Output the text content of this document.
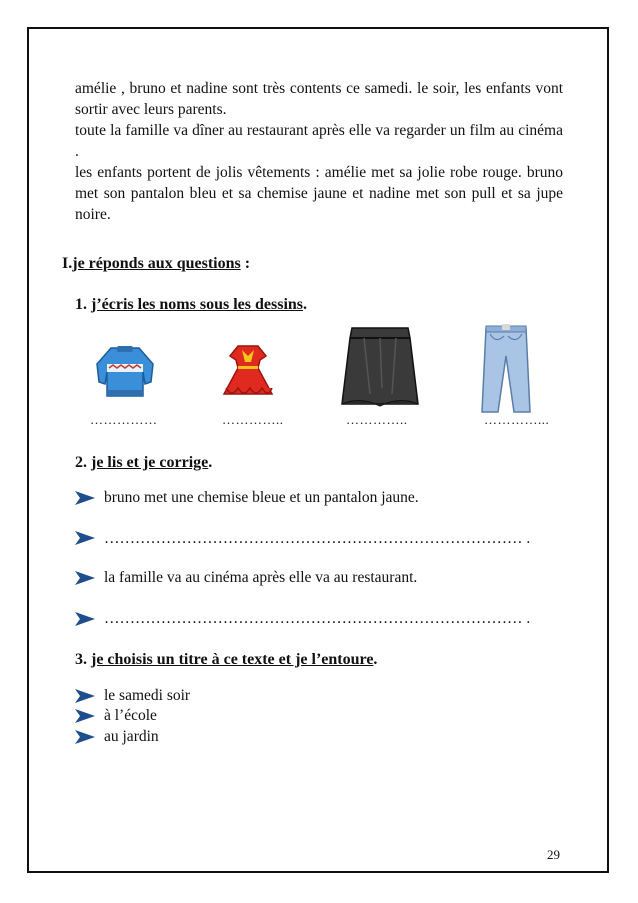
amélie , bruno et nadine sont très contents ce samedi. le soir, les enfants vont sortir avec leurs parents.

toute la famille va dîner au restaurant après elle va regarder un film au cinéma .

les enfants portent de jolis vêtements : amélie met sa jolie robe rouge. bruno met son pantalon bleu et sa chemise jaune et nadine met son pull et sa jupe noire.

I.je réponds aux questions :
1. j’écris les noms sous les dessins.
……………	…………..	…………..	…………...
2. je lis et je corrige.
bruno met une chemise bleue et un pantalon jaune.
……………………………………………………………………… .
la famille va au cinéma après elle va au restaurant.
……………………………………………………………………… .
3. je choisis un titre à ce texte et je l’entoure.
le samedi soir
à l’école
au jardin
29
